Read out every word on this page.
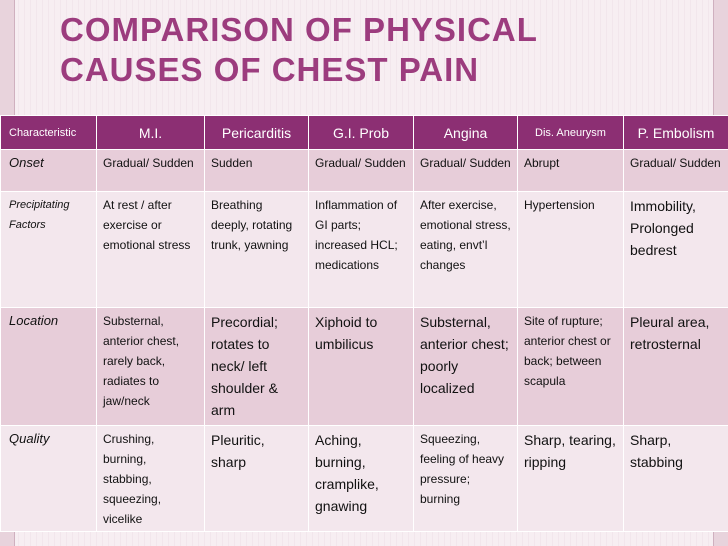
COMPARISON OF PHYSICAL
CAUSES OF CHEST PAIN
Characteristic	M.I.	Pericarditis	G.I. Prob	Angina	Dis. Aneurysm	P. Embolism
Onset	Gradual/ Sudden	Sudden	Gradual/ Sudden	Gradual/ Sudden	Abrupt	Gradual/ Sudden
Precipitating Factors	At rest / after exercise or emotional stress	Breathing deeply, rotating trunk, yawning	Inflammation of GI parts; increased HCL; medications	After exercise, emotional stress, eating, envt’l changes	Hypertension	Immobility, Prolonged bedrest
Location	Substernal, anterior chest, rarely back, radiates to jaw/neck	Precordial; rotates to neck/ left shoulder & arm	Xiphoid to umbilicus	Substernal, anterior chest; poorly localized	Site of rupture; anterior chest or back; between scapula	Pleural area, retrosternal
Quality	Crushing, burning, stabbing, squeezing, vicelike	Pleuritic, sharp	Aching, burning, cramplike, gnawing	Squeezing, feeling of heavy pressure; burning	Sharp, tearing, ripping	Sharp, stabbing
